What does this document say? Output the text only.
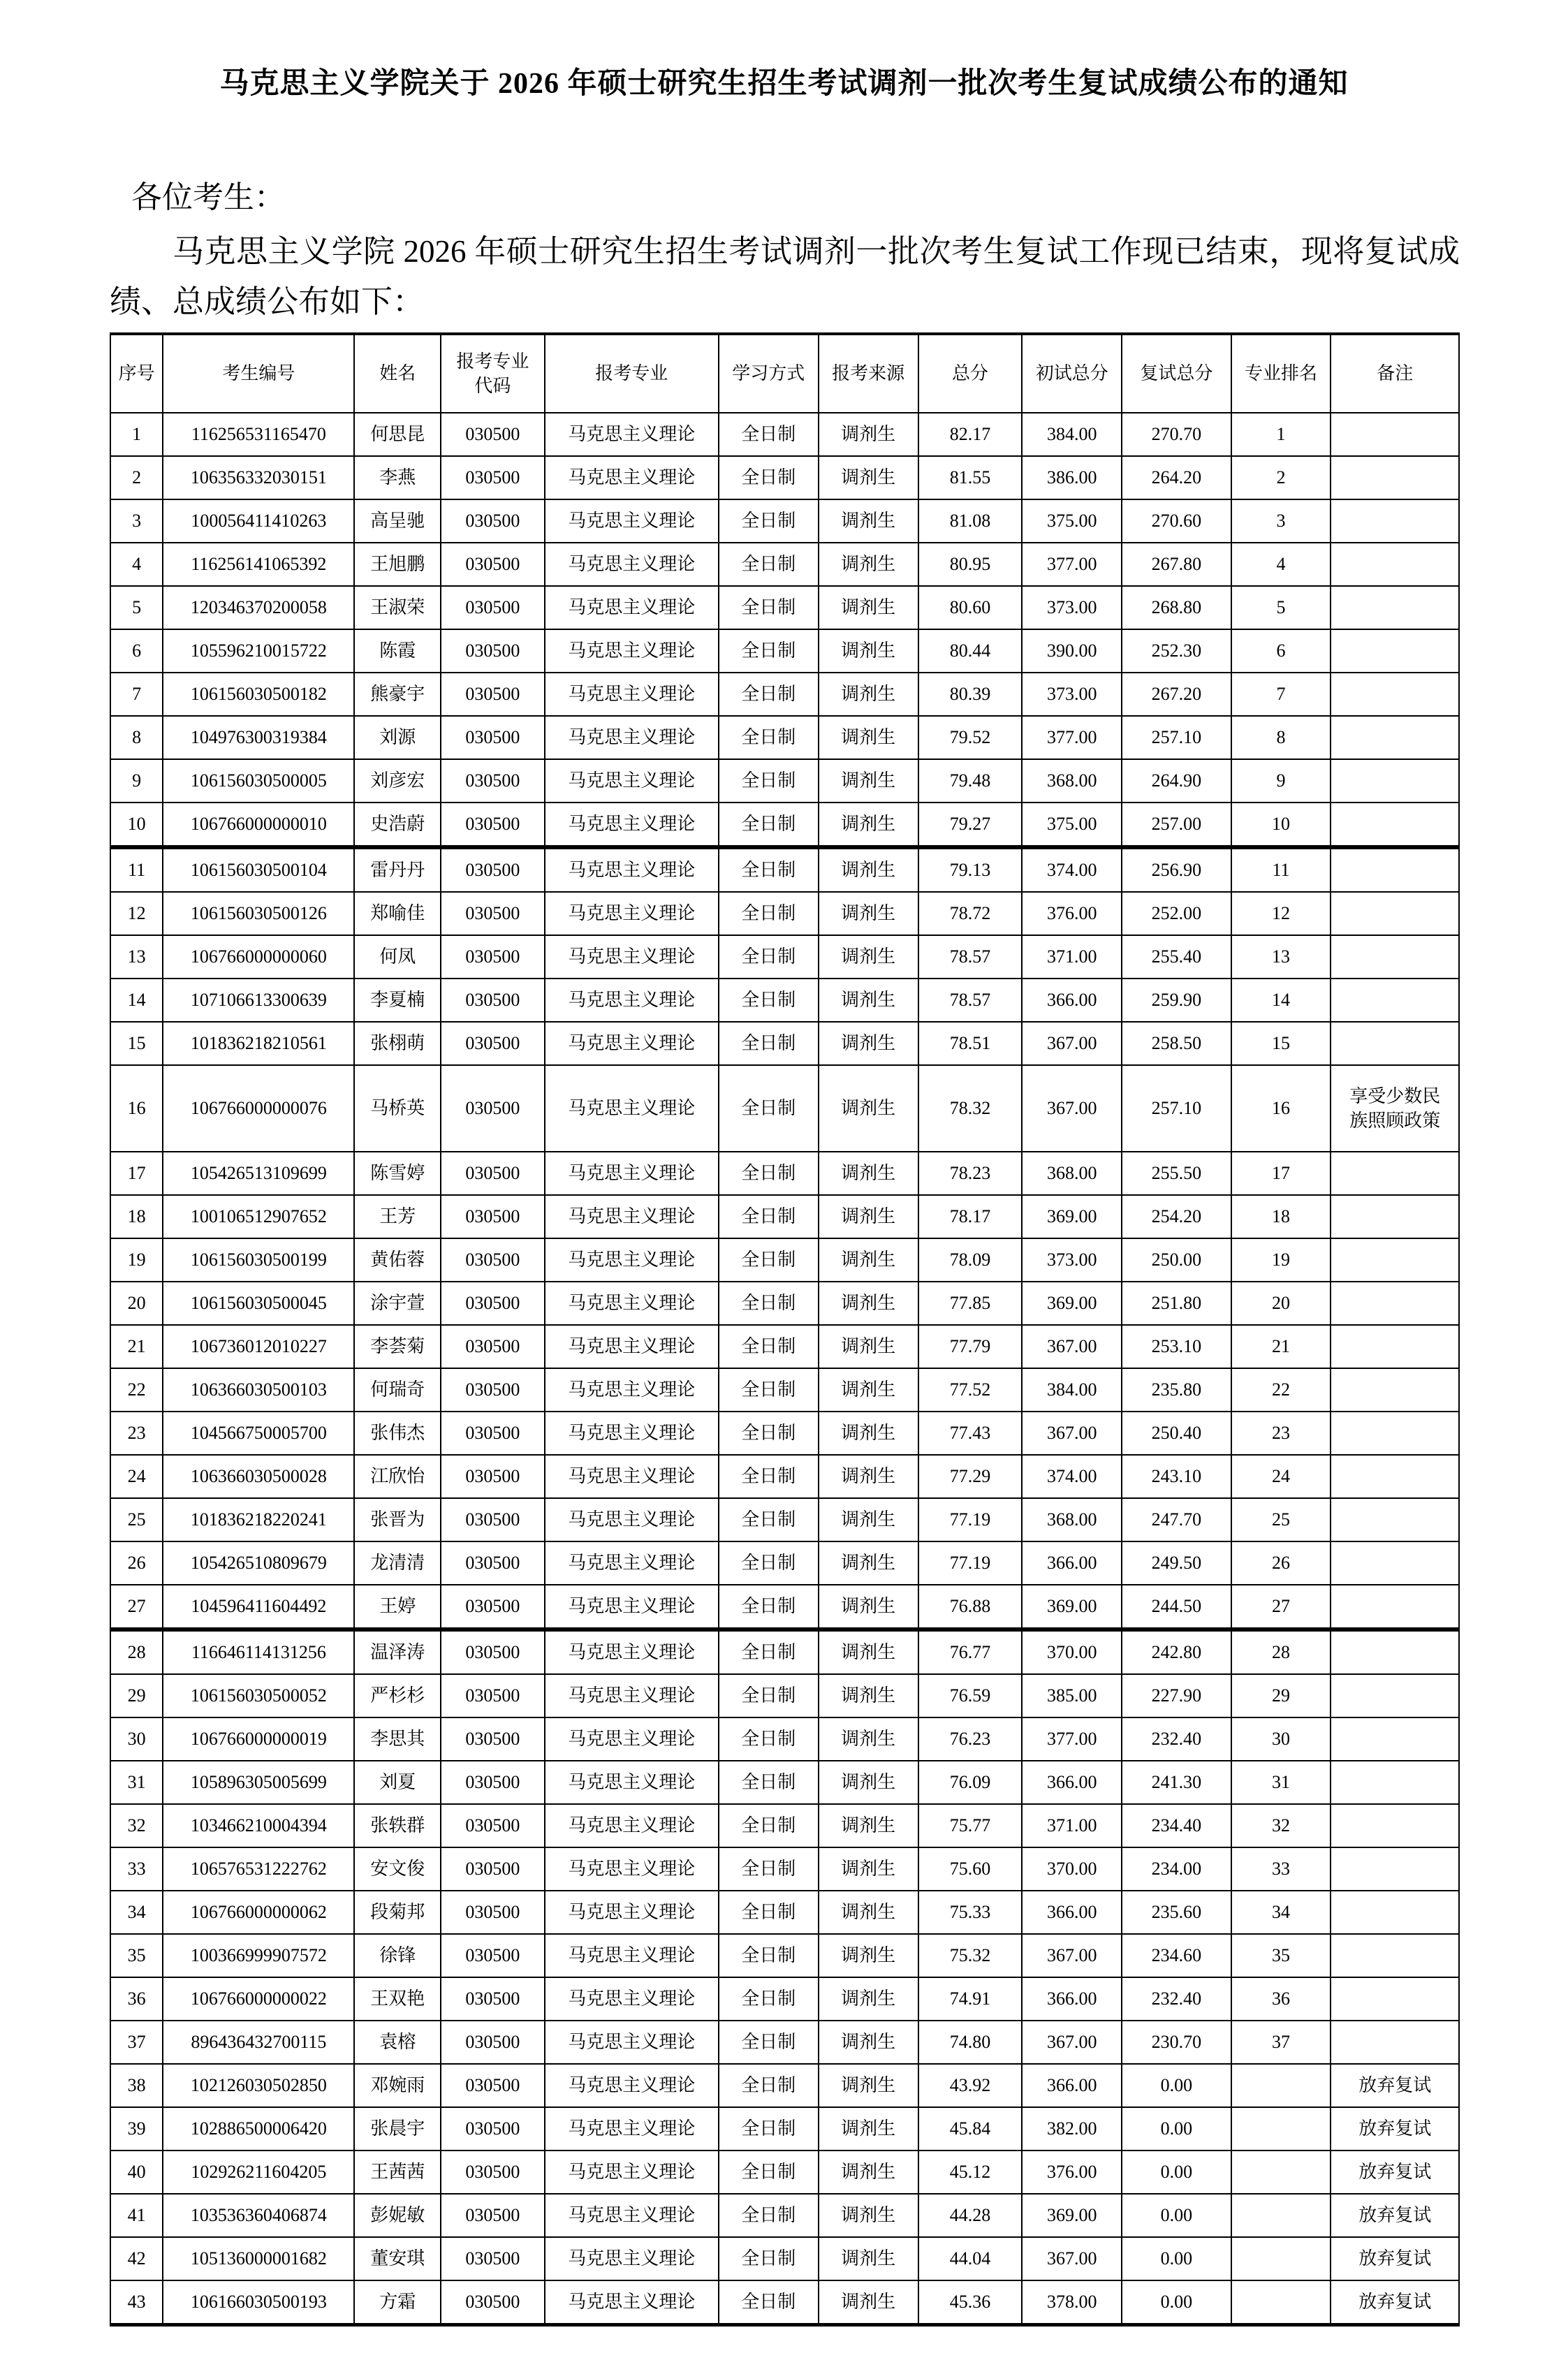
马克思主义学院关于 2026 年硕士研究生招生考试调剂一批次考生复试成绩公布的通知
各位考生：
马克思主义学院 2026 年硕士研究生招生考试调剂一批次考生复试工作现已结束，现将复试成绩、总成绩公布如下：
序号	考生编号	姓名	报考专业代码	报考专业	学习方式	报考来源	总分	初试总分	复试总分	专业排名	备注
1	116256531165470	何思昆	030500	马克思主义理论	全日制	调剂生	82.17	384.00	270.70	1	
2	106356332030151	李燕	030500	马克思主义理论	全日制	调剂生	81.55	386.00	264.20	2	
3	100056411410263	高呈驰	030500	马克思主义理论	全日制	调剂生	81.08	375.00	270.60	3	
4	116256141065392	王旭鹏	030500	马克思主义理论	全日制	调剂生	80.95	377.00	267.80	4	
5	120346370200058	王淑荣	030500	马克思主义理论	全日制	调剂生	80.60	373.00	268.80	5	
6	105596210015722	陈霞	030500	马克思主义理论	全日制	调剂生	80.44	390.00	252.30	6	
7	106156030500182	熊豪宇	030500	马克思主义理论	全日制	调剂生	80.39	373.00	267.20	7	
8	104976300319384	刘源	030500	马克思主义理论	全日制	调剂生	79.52	377.00	257.10	8	
9	106156030500005	刘彦宏	030500	马克思主义理论	全日制	调剂生	79.48	368.00	264.90	9	
10	106766000000010	史浩蔚	030500	马克思主义理论	全日制	调剂生	79.27	375.00	257.00	10	
11	106156030500104	雷丹丹	030500	马克思主义理论	全日制	调剂生	79.13	374.00	256.90	11	
12	106156030500126	郑喻佳	030500	马克思主义理论	全日制	调剂生	78.72	376.00	252.00	12	
13	106766000000060	何凤	030500	马克思主义理论	全日制	调剂生	78.57	371.00	255.40	13	
14	107106613300639	李夏楠	030500	马克思主义理论	全日制	调剂生	78.57	366.00	259.90	14	
15	101836218210561	张栩萌	030500	马克思主义理论	全日制	调剂生	78.51	367.00	258.50	15	
16	106766000000076	马桥英	030500	马克思主义理论	全日制	调剂生	78.32	367.00	257.10	16	享受少数民族照顾政策
17	105426513109699	陈雪婷	030500	马克思主义理论	全日制	调剂生	78.23	368.00	255.50	17	
18	100106512907652	王芳	030500	马克思主义理论	全日制	调剂生	78.17	369.00	254.20	18	
19	106156030500199	黄佑蓉	030500	马克思主义理论	全日制	调剂生	78.09	373.00	250.00	19	
20	106156030500045	涂宇萱	030500	马克思主义理论	全日制	调剂生	77.85	369.00	251.80	20	
21	106736012010227	李荟菊	030500	马克思主义理论	全日制	调剂生	77.79	367.00	253.10	21	
22	106366030500103	何瑞奇	030500	马克思主义理论	全日制	调剂生	77.52	384.00	235.80	22	
23	104566750005700	张伟杰	030500	马克思主义理论	全日制	调剂生	77.43	367.00	250.40	23	
24	106366030500028	江欣怡	030500	马克思主义理论	全日制	调剂生	77.29	374.00	243.10	24	
25	101836218220241	张晋为	030500	马克思主义理论	全日制	调剂生	77.19	368.00	247.70	25	
26	105426510809679	龙清清	030500	马克思主义理论	全日制	调剂生	77.19	366.00	249.50	26	
27	104596411604492	王婷	030500	马克思主义理论	全日制	调剂生	76.88	369.00	244.50	27	
28	116646114131256	温泽涛	030500	马克思主义理论	全日制	调剂生	76.77	370.00	242.80	28	
29	106156030500052	严杉杉	030500	马克思主义理论	全日制	调剂生	76.59	385.00	227.90	29	
30	106766000000019	李思其	030500	马克思主义理论	全日制	调剂生	76.23	377.00	232.40	30	
31	105896305005699	刘夏	030500	马克思主义理论	全日制	调剂生	76.09	366.00	241.30	31	
32	103466210004394	张轶群	030500	马克思主义理论	全日制	调剂生	75.77	371.00	234.40	32	
33	106576531222762	安文俊	030500	马克思主义理论	全日制	调剂生	75.60	370.00	234.00	33	
34	106766000000062	段菊邦	030500	马克思主义理论	全日制	调剂生	75.33	366.00	235.60	34	
35	100366999907572	徐锋	030500	马克思主义理论	全日制	调剂生	75.32	367.00	234.60	35	
36	106766000000022	王双艳	030500	马克思主义理论	全日制	调剂生	74.91	366.00	232.40	36	
37	896436432700115	袁榕	030500	马克思主义理论	全日制	调剂生	74.80	367.00	230.70	37	
38	102126030502850	邓婉雨	030500	马克思主义理论	全日制	调剂生	43.92	366.00	0.00		放弃复试
39	102886500006420	张晨宇	030500	马克思主义理论	全日制	调剂生	45.84	382.00	0.00		放弃复试
40	102926211604205	王茜茜	030500	马克思主义理论	全日制	调剂生	45.12	376.00	0.00		放弃复试
41	103536360406874	彭妮敏	030500	马克思主义理论	全日制	调剂生	44.28	369.00	0.00		放弃复试
42	105136000001682	董安琪	030500	马克思主义理论	全日制	调剂生	44.04	367.00	0.00		放弃复试
43	106166030500193	方霜	030500	马克思主义理论	全日制	调剂生	45.36	378.00	0.00		放弃复试
